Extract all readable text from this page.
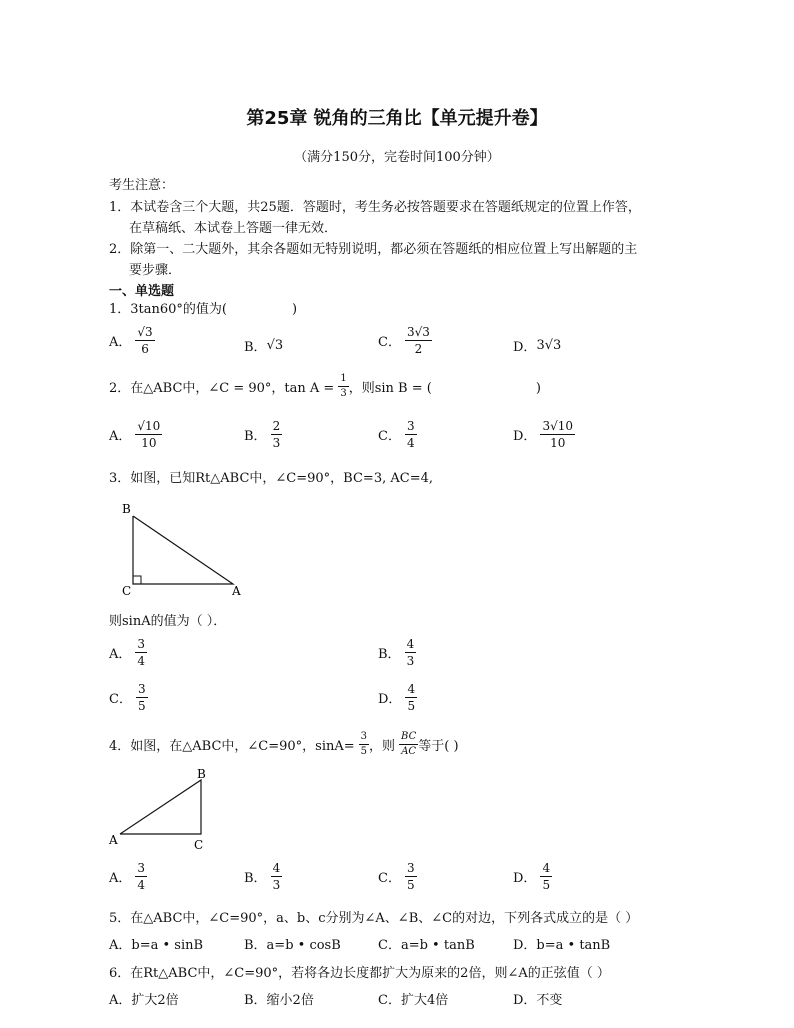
第25章 锐角的三角比【单元提升卷】
（满分150分，完卷时间100分钟）
考生注意：
1．本试卷含三个大题，共25题．答题时，考生务必按答题要求在答题纸规定的位置上作答，
在草稿纸、本试卷上答题一律无效．
2．除第一、二大题外，其余各题如无特别说明，都必须在答题纸的相应位置上写出解题的主
要步骤．
一、单选题
1．3tan60°的值为(　　　　　)
A． $\frac{√3}{6}$	B． √3	C． $\frac{3√3}{2}$	D． 3√3
2．在△ABC中，∠C = 90°，$\tan A = \frac{1}{3}$ ，则sin B = (　　　　　　　　)
A． $\frac{√10}{10}$	B． $\frac{2}{3}$	C． $\frac{3}{4}$	D． $\frac{3√10}{10}$
3．如图，已知Rt△ABC中，∠C=90°，BC=3, AC=4,
B
C	A
则sinA的值为（ ）．
A． $\frac{3}{4}$	B． $\frac{4}{3}$
C． $\frac{3}{5}$	D． $\frac{4}{5}$
4．如图，在△ABC中，∠C=90°，$\sin A= \frac{3}{5}$ ，则 $\frac{BC}{AC}$ 等于( )
B
A	C
A． $\frac{3}{4}$	B． $\frac{4}{3}$	C． $\frac{3}{5}$	D． $\frac{4}{5}$
5．在△ABC中，∠C=90°，a、b、c分别为∠A、∠B、∠C的对边，下列各式成立的是（ ）
A．b=a • sinB	B．a=b • cosB	C．a=b • tanB	D．b=a • tanB
6．在Rt△ABC中，∠C=90°，若将各边长度都扩大为原来的2倍，则∠A的正弦值（ ）
A．扩大2倍	B．缩小2倍	C．扩大4倍	D．不变
